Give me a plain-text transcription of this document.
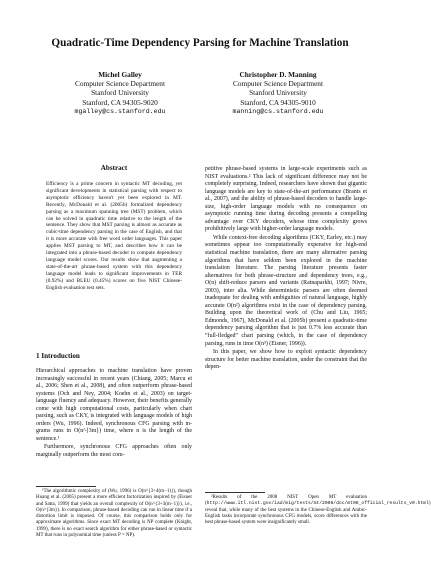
Quadratic-Time Dependency Parsing for Machine Translation
Michel Galley
Computer Science Department
Stanford University
Stanford, CA 94305-9020
mgalley@cs.stanford.edu
Christopher D. Manning
Computer Science Department
Stanford University
Stanford, CA 94305-9010
manning@cs.stanford.edu
Abstract

Efficiency is a prime concern in syntactic MT decoding, yet significant developments in statistical parsing with respect to asymptotic efficiency haven't yet been explored in MT. Recently, McDonald et al. (2005b) formalized dependency parsing as a maximum spanning tree (MST) problem, which can be solved in quadratic time relative to the length of the sentence. They show that MST parsing is almost as accurate as cubic-time dependency parsing in the case of English, and that it is more accurate with free word order languages. This paper applies MST parsing to MT, and describes how it can be integrated into a phrase-based decoder to compute dependency language model scores. Our results show that augmenting a state-of-the-art phrase-based system with this dependency language model leads to significant improvements in TER (0.92%) and BLEU (0.45%) scores on five NIST Chinese-English evaluation test sets.

1 Introduction

Hierarchical approaches to machine translation have proven increasingly successful in recent years (Chiang, 2005; Marcu et al., 2006; Shen et al., 2008), and often outperform phrase-based systems (Och and Ney, 2004; Koehn et al., 2003) on target-language fluency and adequacy. However, their benefits generally come with high computational costs, particularly when chart parsing, such as CKY, is integrated with language models of high orders (Wu, 1996). Indeed, synchronous CFG parsing with m-grams runs in O(n^{3m}) time, where n is the length of the sentence.¹

Furthermore, synchronous CFG approaches often only marginally outperform the most com-

¹The algorithmic complexity of (Wu, 1996) is O(n^{3+4(m−1)}), though Huang et al. (2005) present a more efficient factorization inspired by (Eisner and Satta, 1999) that yields an overall complexity of O(n^{3+3(m−1)}), i.e., O(n^{3m}). In comparison, phrase-based decoding can run in linear time if a distortion limit is imposed. Of course, this comparison holds only for approximate algorithms. Since exact MT decoding is NP complete (Knight, 1999), there is no exact search algorithm for either phrase-based or syntactic MT that runs in polynomial time (unless P = NP).

petitive phrase-based systems in large-scale experiments such as NIST evaluations.² This lack of significant difference may not be completely surprising. Indeed, researchers have shown that gigantic language models are key to state-of-the-art performance (Brants et al., 2007), and the ability of phrase-based decoders to handle large-size, high-order language models with no consequence on asymptotic running time during decoding presents a compelling advantage over CKY decoders, whose time complexity grows prohibitively large with higher-order language models.

While context-free decoding algorithms (CKY, Earley, etc.) may sometimes appear too computationally expensive for high-end statistical machine translation, there are many alternative parsing algorithms that have seldom been explored in the machine translation literature. The parsing literature presents faster alternatives for both phrase-structure and dependency trees, e.g., O(n) shift-reduce parsers and variants (Ratnaparkhi, 1997; Nivre, 2003), inter alia. While deterministic parsers are often deemed inadequate for dealing with ambiguities of natural language, highly accurate O(n²) algorithms exist in the case of dependency parsing. Building upon the theoretical work of (Chu and Liu, 1965; Edmonds, 1967), McDonald et al. (2005b) present a quadratic-time dependency parsing algorithm that is just 0.7% less accurate than “full-fledged” chart parsing (which, in the case of dependency parsing, runs in time O(n³) (Eisner, 1996)).

In this paper, we show how to exploit syntactic dependency structure for better machine translation, under the constraint that the depen-

²Results of the 2008 NIST Open MT evaluation (http://www.itl.nist.gov/iad/mig/tests/mt/2008/doc/mt08_official_results_v0.html) reveal that, while many of the best systems in the Chinese-English and Arabic-English tasks incorporate synchronous CFG models, score differences with the best phrase-based system were insignificantly small.
